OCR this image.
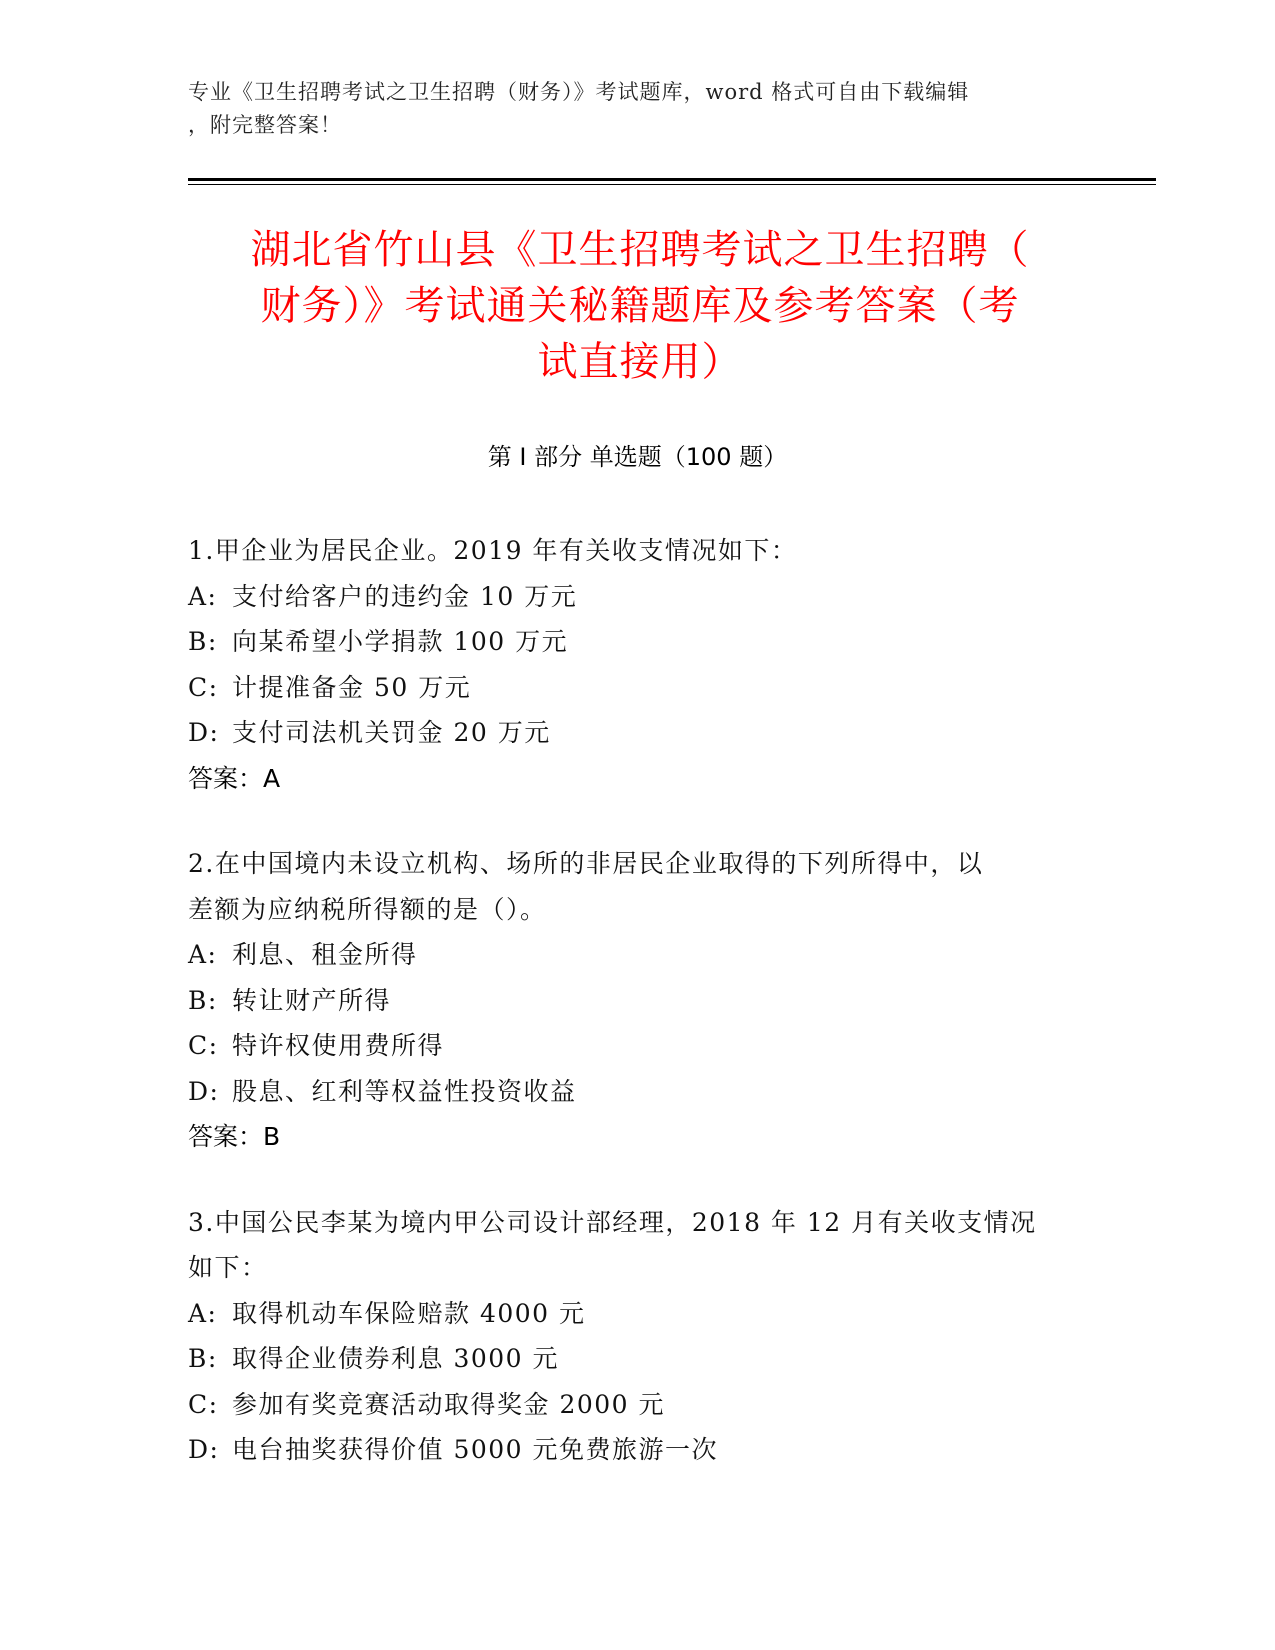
专业《卫生招聘考试之卫生招聘（财务）》考试题库，word 格式可自由下载编辑
，附完整答案！
湖北省竹山县《卫生招聘考试之卫生招聘（
财务）》考试通关秘籍题库及参考答案（考
试直接用）
第 I 部分 单选题（100 题）
1.甲企业为居民企业。2019 年有关收支情况如下：
A: 支付给客户的违约金 10 万元
B: 向某希望小学捐款 100 万元
C: 计提准备金 50 万元
D: 支付司法机关罚金 20 万元
答案：A
2.在中国境内未设立机构、场所的非居民企业取得的下列所得中，以
差额为应纳税所得额的是（）。
A: 利息、租金所得
B: 转让财产所得
C: 特许权使用费所得
D: 股息、红利等权益性投资收益
答案：B
3.中国公民李某为境内甲公司设计部经理，2018 年 12 月有关收支情况
如下：
A: 取得机动车保险赔款 4000 元
B: 取得企业债券利息 3000 元
C: 参加有奖竞赛活动取得奖金 2000 元
D: 电台抽奖获得价值 5000 元免费旅游一次
